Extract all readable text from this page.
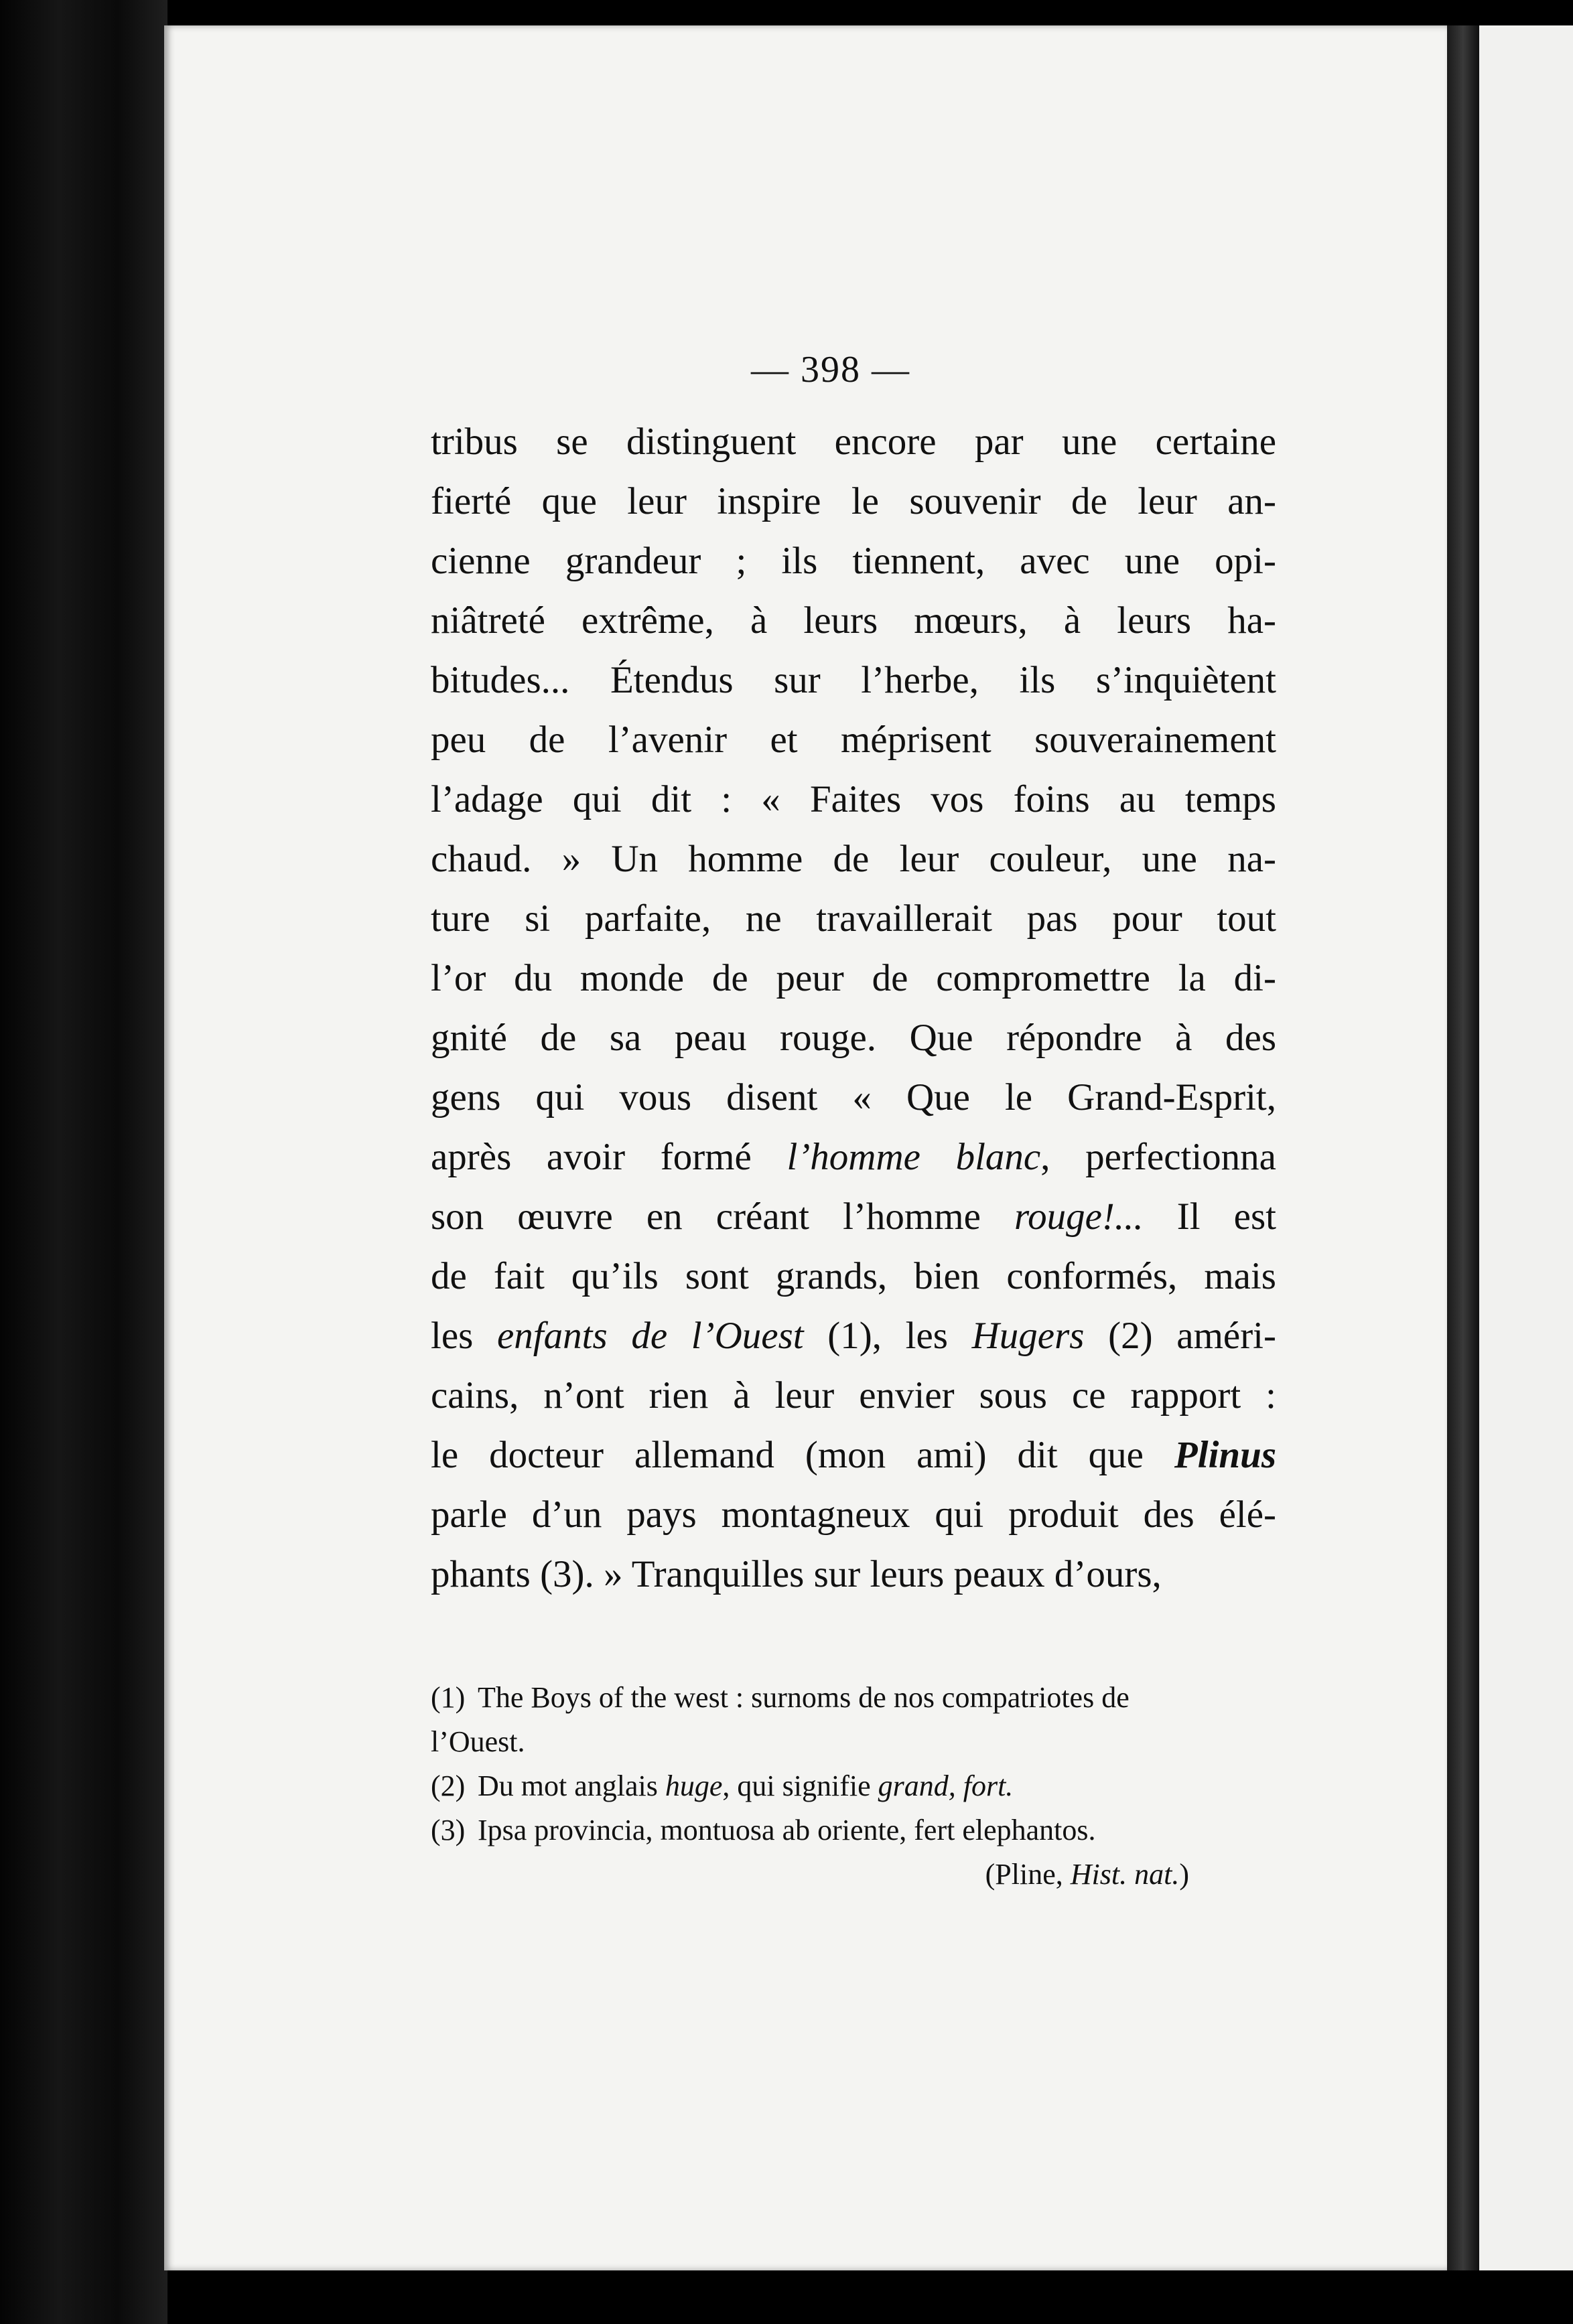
— 398 —
tribus se distinguent encore par une certaine
fierté que leur inspire le souvenir de leur an-
cienne grandeur ; ils tiennent, avec une opi-
niâtreté extrême, à leurs mœurs, à leurs ha-
bitudes... Étendus sur l’herbe, ils s’inquiètent
peu de l’avenir et méprisent souverainement
l’adage qui dit : « Faites vos foins au temps
chaud. » Un homme de leur couleur, une na-
ture si parfaite, ne travaillerait pas pour tout
l’or du monde de peur de compromettre la di-
gnité de sa peau rouge. Que répondre à des
gens qui vous disent « Que le Grand-Esprit,
après avoir formé l’homme blanc, perfectionna
son œuvre en créant l’homme rouge!... Il est
de fait qu’ils sont grands, bien conformés, mais
les enfants de l’Ouest (1), les Hugers (2) améri-
cains, n’ont rien à leur envier sous ce rapport :
le docteur allemand (mon ami) dit que Plinus
parle d’un pays montagneux qui produit des élé-
phants (3). » Tranquilles sur leurs peaux d’ours,
(1) The Boys of the west : surnoms de nos compatriotes de
l’Ouest.
(2) Du mot anglais huge, qui signifie grand, fort.
(3) Ipsa provincia, montuosa ab oriente, fert elephantos.
(Pline, Hist. nat.)
